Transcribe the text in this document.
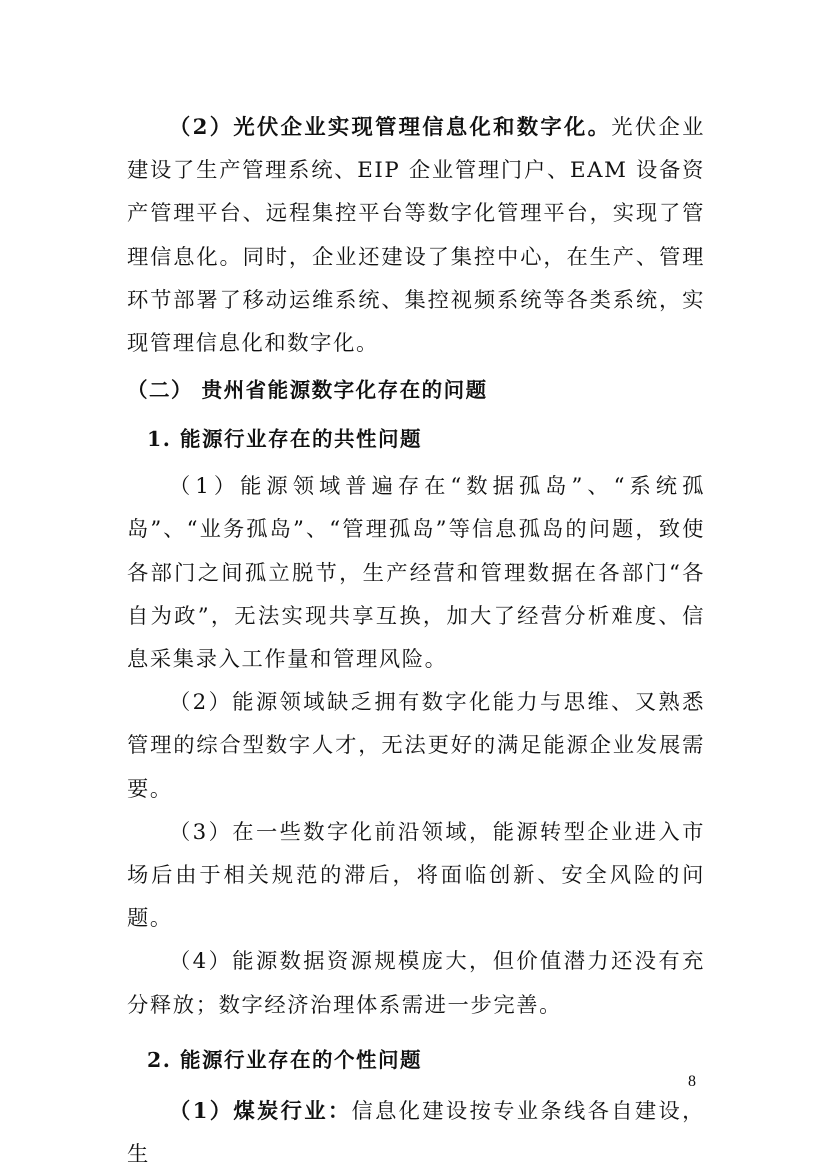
（2）光伏企业实现管理信息化和数字化。光伏企业建设了生产管理系统、EIP 企业管理门户、EAM 设备资产管理平台、远程集控平台等数字化管理平台，实现了管理信息化。同时，企业还建设了集控中心，在生产、管理环节部署了移动运维系统、集控视频系统等各类系统，实现管理信息化和数字化。

（二） 贵州省能源数字化存在的问题
1. 能源行业存在的共性问题

（1）能源领域普遍存在“数据孤岛”、“系统孤岛”、“业务孤岛”、“管理孤岛”等信息孤岛的问题，致使各部门之间孤立脱节，生产经营和管理数据在各部门“各自为政”，无法实现共享互换，加大了经营分析难度、信息采集录入工作量和管理风险。

（2）能源领域缺乏拥有数字化能力与思维、又熟悉管理的综合型数字人才，无法更好的满足能源企业发展需要。

（3）在一些数字化前沿领域，能源转型企业进入市场后由于相关规范的滞后，将面临创新、安全风险的问题。

（4）能源数据资源规模庞大，但价值潜力还没有充分释放；数字经济治理体系需进一步完善。

2. 能源行业存在的个性问题

（1）煤炭行业：信息化建设按专业条线各自建设，生

8
